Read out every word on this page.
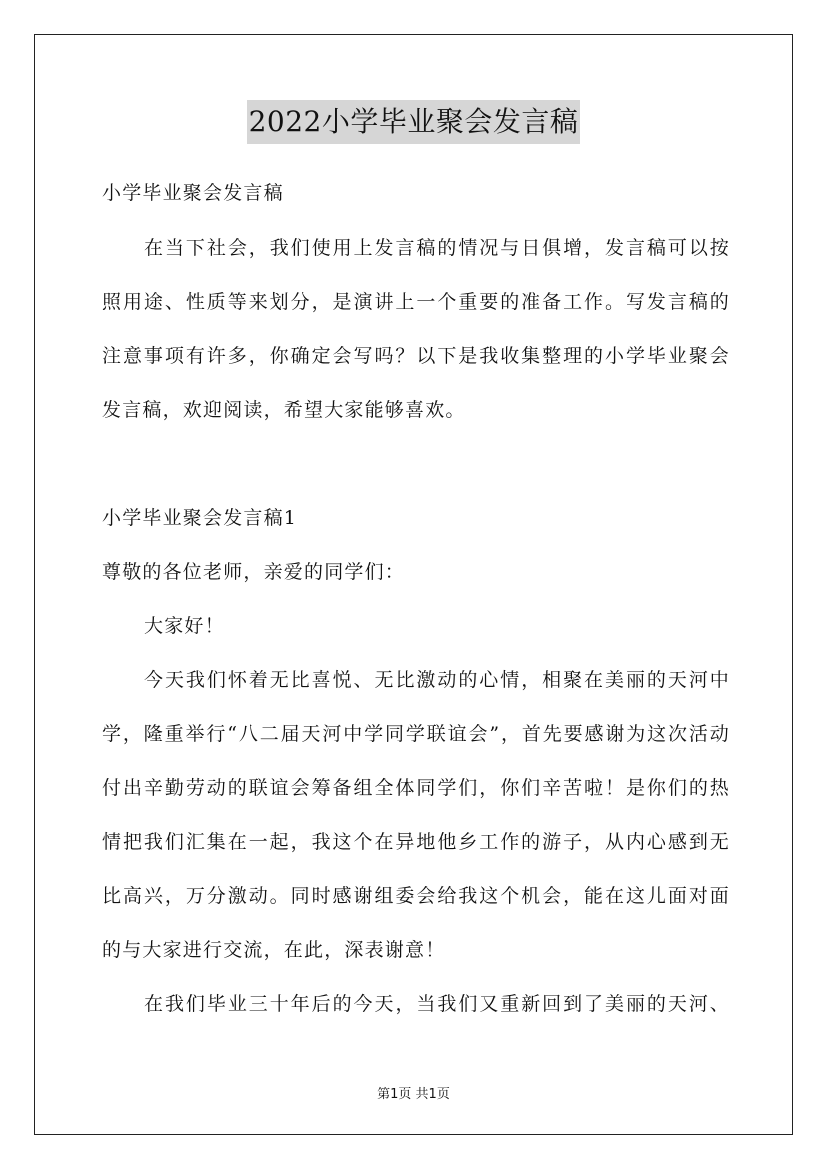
2022小学毕业聚会发言稿
小学毕业聚会发言稿
在当下社会，我们使用上发言稿的情况与日俱增，发言稿可以按
照用途、性质等来划分，是演讲上一个重要的准备工作。写发言稿的
注意事项有许多，你确定会写吗？以下是我收集整理的小学毕业聚会
发言稿，欢迎阅读，希望大家能够喜欢。
小学毕业聚会发言稿1
尊敬的各位老师，亲爱的同学们：
大家好！
今天我们怀着无比喜悦、无比激动的心情，相聚在美丽的天河中
学，隆重举行“八二届天河中学同学联谊会”，首先要感谢为这次活动
付出辛勤劳动的联谊会筹备组全体同学们，你们辛苦啦！是你们的热
情把我们汇集在一起，我这个在异地他乡工作的游子，从内心感到无
比高兴，万分激动。同时感谢组委会给我这个机会，能在这儿面对面
的与大家进行交流，在此，深表谢意！
在我们毕业三十年后的今天，当我们又重新回到了美丽的天河、
第1页 共1页
